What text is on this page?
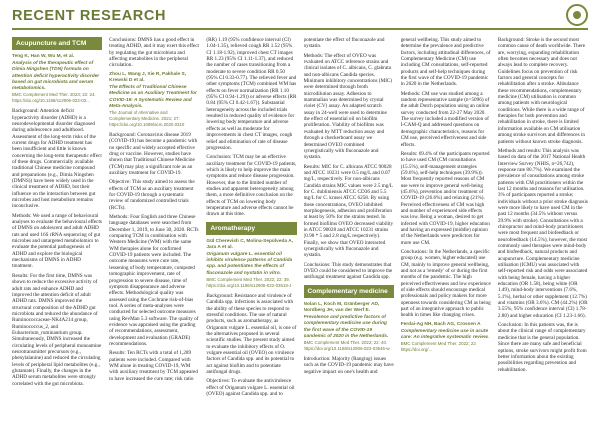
RECENT RESEARCH
Acupuncture and TCM
Teng K, Han W, Wu M, et al.
Analysis of the therapeutic effect of Dimia Ningshen (TDN) formula on attention deficit hyperactivity disorder based on gut microbiota and serum metabolomics.
BMC Complement Med Ther. 2023; 22: 24. https://doi.org/10.1186/s12906-022-03...

Background: Attention deficit hyperactivity disorder (ADHD) is a neurodevelopmental disorder diagnosed during adolescence and adulthood. Assessment of the long-term risks of the current drugs for ADHD treatment has been insufficient and little is known concerning the long-term therapeutic effect of these drugs. Commercially available traditional Chinese medicine compound and preparations (e.g., Dimia Ningshen (DMNS)) have been widely used in the clinical treatment of ADHD, but their influence on the interaction between gut microbes and host metabolism remains inconclusive.

Methods: We used a range of behavioural analyses to evaluate the behavioural effects of DMNS on adolescent and adult ADHD rats and used 16S rRNA sequencing of gut microbes and untargeted metabolomics to evaluate the potential pathogenesis of ADHD and explore the biological mechanisms of DMNS in ADHD treatment.

Results: For the first time, DMNS was shown to reduce the excessive activity of adult rats and enhance ADHD and improved the attention deficit of adult ADHD rats. DMNS improved the structural composition of the ADHD gut microbiota and reduced the abundance of Ruminococcaceae-NK4A214 group, Ruminococcus_2, and Eubacterium_ruminantium group. Simultaneously, DMNS increased the circulating levels of peripheral monoamine neurotransmitter precursors (e.g., phenylalanine) and reduced the circulating levels of peripheral lipid metabolites (e.g., glutamate). Finally, the changes in the ADHD serum metabolites were strongly correlated with the gut microbiota.

Conclusions: DMNS has a good effect in treating ADHD, and it may exert this effect by regulating the gut microbiota and affecting metabolites in the peripheral circulation.

Zhou L, Wang J, Xie R, Pakhale S, Krewski D et al.
The Effects of Traditional Chinese Medicine as an Auxiliary Treatment for COVID-19: A Systematic Review and Meta-Analysis.
The Journal of Alternative and Complementary Medicine. 2021; 27: https://doi.org/10.1089/acm.2020.0310

Background: Coronavirus disease 2019 (COVID-19) has become a pandemic with no specific and widely accepted effective drug or vaccine. However, studies have shown that Traditional Chinese Medicine (TCM) may play a significant role as an auxiliary treatment for COVID-19.

Objective: This study aimed to assess the effects of TCM as an auxiliary treatment for COVID-19 through a systematic review of randomized controlled trials (RCTs).

Methods: Four English and three Chinese language databases were searched from December 1, 2019, to June 30, 2020. RCTs comparing TCM in combination with Western Medicine (WM) with the same WM therapies alone for confirmed COVID-19 patients were included. The outcome measures were cure rate, lessening of body temperature, computed tomographic improvement, rate of progression to severe disease, time of symptom disappearance and adverse effects. Methodological quality was assessed using the Cochrane risk-of-bias tool. A series of meta-analyses were conducted for selected outcome measures using RevMan 5.3 software. The quality of evidence was appraised using the grading of recommendations, assessment, development and evaluation (GRADE) recommendations.

Results: Ten RCTs with a total of 1,289 patients were included. Compared with WM alone in treating COVID-19, WM with auxiliary treatment by TCM appeared to have increased the cure rate; risk ratio

(RR) 1.19 (95% confidence interval (CI) 1.04-1.35), relieved cough RR 1.52 (95% CI 1.18-1.92), improved chest CT images RR 1.23 (95% CI 1.11-1.37), and reduced the number of cases transitioning from a moderate to severe condition RR 0.50 (95% CI 0.33-0.77). The relieved fever and other symptoms (TCM) combined WM has effects on fever normalization (RR 1.10 (95% CI 0.94-1.29)) or adverse effects (RR 0.84 (95% CI 0.42-1.67)). Substantial heterogeneity across the included trials resulted in reduced quality of evidence for lowering body temperature and adverse effects as well as moderate for improvements in chest CT images, cough relief and elimination of rate of disease progression.

Conclusion: TCM may be an effective auxiliary treatment for COVID-19 patients, which is likely to help improve the main symptoms and reduce disease progression. However, due to the limited number of studies and apparent heterogeneity among them, a more definitive conclusion on the effects of TCM on lowering body temperature and adverse effects cannot be drawn at this time.

Aromatherapy
Gül Cherevish C, Molina-Sepúlveda A, Jara A et al.
Origanum vulgare L. essential oil inhibits virulence patterns of Candida spp. and potentiates the effects of fluconazole and nystatin in vitro.
BMC Complement Med Ther. 2022; 22: 39. https://doi.org/10.1186/s12906-022-03518-z

Background: Resistance and virulence of Candida spp. infections is associated with the ability of these species to respond to stressful conditions. The use of natural products, such as aromatherapy, as Origanum vulgare L. essential oil, is one of the alternatives proposed in several scientific studies. The present study aimed to evaluate the inhibitory effects of O. vulgare essential oil (OVEO) on virulence factors of Candida spp. and its potential to act against biofilm and to potentiate antifungal drugs.

Objectives: To evaluate the antivirulence effect of Origanum vulgare L. essential oil (OVEO) against Candida spp. and to

potentiate the effect of fluconazole and nystatin.

Methods: The effect of OVEO was evaluated on ATCC reference strains and clinical isolates of C. albicans, C. glabrata and non-albicans Candida species. Minimum inhibitory concentrations (MIC) were determined through broth microdilution assay. Adhesion to mammalian was determined by crystal violet (CV) assay. An adapted scratch assay in 24-well were used to determine the effect of essential oil on biofilm proliferation. Viability of biofilms was evaluated by MTT reduction assay and through a checkerboard assay we determined OVEO combined synergistically with fluconazole and nystatin.

Results: MIC for C. albicans ATCC 90028 and ATCC 10231 were 0.5 mg/L and 0.07 mg/L, respectively. For non-albicans Candida strains MIC values were 2.5 mg/L for C. dubliniensis ATCC CD36 and 5.5 mg/L for C. krusei ATCC 6258. By using these concentrations, OVEO inhibited morphogenesis, adhesion and proliferation at least by 50% for the strains tested. In formed biofilms OVEO decreased viability in ATCC 90028 and ATCC 10231 strains (0.98 * 5 and 2.8 mg/L respectively). Finally, we show that OVEO interacted synergistically with fluconazole and nystatin.

Conclusions: This study demonstrates that OVEO could be considered to improve the antifungal treatment against Candida spp.

Complementary medicine
Nolan L, Koch M, Gränberger AD, Nordberg JH, van der Werf E.
Prevalence and predictive factors of complementary medicine use during the first wave of the COVID-19 pandemic of 2020 in the Netherlands.
BMC Complement Med Ther. 2022; 22: 40. https://doi.org/10.1186/s12906-022-03545-w

Introduction: Majority (Ranging) issues such as the COVID-19 pandemic may have negative impact on one's health and

general wellbeing. This study aimed to determine the prevalence and predictive factors, including attitudinal differences, of Complementary Medicine (CM) use including CM consultations, self-reported products and self-help techniques during the first wave of the COVID-19 pandemic in 2020 in the Netherlands.

Methods: CM use was studied among a random representative sample (n=5096) of the adult Dutch population using an online survey conducted from 22-27 May 2020. The survey included a modified version of I-CAM-Q and addressed questions on demographic characteristics, reasons for CM use, perceived effectiveness and side effects.

Results: 69.4% of the participants reported to have used CM (CM consultations (15.5%), self-management strategies (59.6%), self-help techniques (39.9%)). Most frequently reported reasons of CM use were to improve general well-being (45.6%), prevention and/or treatment of COVID-19 (26.6%) and relaxing (21%). Perceived effectiveness of CM was high and number of experienced side effects was low. Being a woman, desired to get infected with COVID-19, higher education and having an expressed (middle) opinion of the Netherlands were predictors for more use CM.

Conclusions: In the Netherlands, a specific group (e.g. women, higher educated) use CM, mainly to improve general wellbeing, and not as a 'remedy' of or during the first months of the pandemic. The high perceived effectiveness and low experience of side effects should encourage medical professionals and policy makers for more openness towards considering CM as being part of an integrative approach to public health in times like changing crises.

Ferdai-Ag NH, Bach AG, Crossen A
Complementary medicine use in acute care: An integrative systematic review.
BMC Complement Med Ther. 2022; 22 https://doi.org/...

Background: Stroke is the second most common cause of death worldwide. There are, worrying, expanding rehabilitation often becomes necessary and does not always lead to complete recovery. Guidelines focus on prevention of risk factors and general concepts for rehabilitation after a stroke. Ahbulance these recommendations, complementary medicine (CM) utilisation is common among patients with neurological conditions. While there is a wide range of therapies for both prevention and rehabilitation in stroke, there is limited information available on CM utilisation among stroke survivors and differences in patients without known stroke diagnosis.

Methods and results: This analysis was based on data of the 2017 National Health Interview Survey (NHIS, n=26,742), response rate 80.7%). We examined the prevalence of consultations among stroke patients with CM practitioners within the last 12 months and reasons for utilisation. 3% of participants reported a stroke; individuals without a prior stroke diagnosis were more likely to have used CM in the past 12 months (34.5% without versus 29.9% with stroke). Consultations with a chiropractor and mind-body practitioners were most frequent and biofeedback or neurofeedback (14.5%), however, the most commonly used therapies were mind-body and biofeedback, natural products and acupuncture. Complementary medicine utilisation (ICMU) was associated with self-reported risk and odds were associated with being female, having a higher education (OR 1.58), being white (OR 1.49), mind-body interventions (7.6%, 5.1%), herbal or other supplement (12.7%) and vitamins (OR 3.6%). CM (44.2%) (OR 3.55%, 95% confidence interval (CI) 1.78-2.80) and higher education (CI 1.23-1.66).

Conclusion: In this patients was, the is about the clinical range of complementary medicine that is the general population. Since there are many safe and beneficial options, stroke survivors might profit from better information about the existing possibilities regarding prevention and rehabilitation.
